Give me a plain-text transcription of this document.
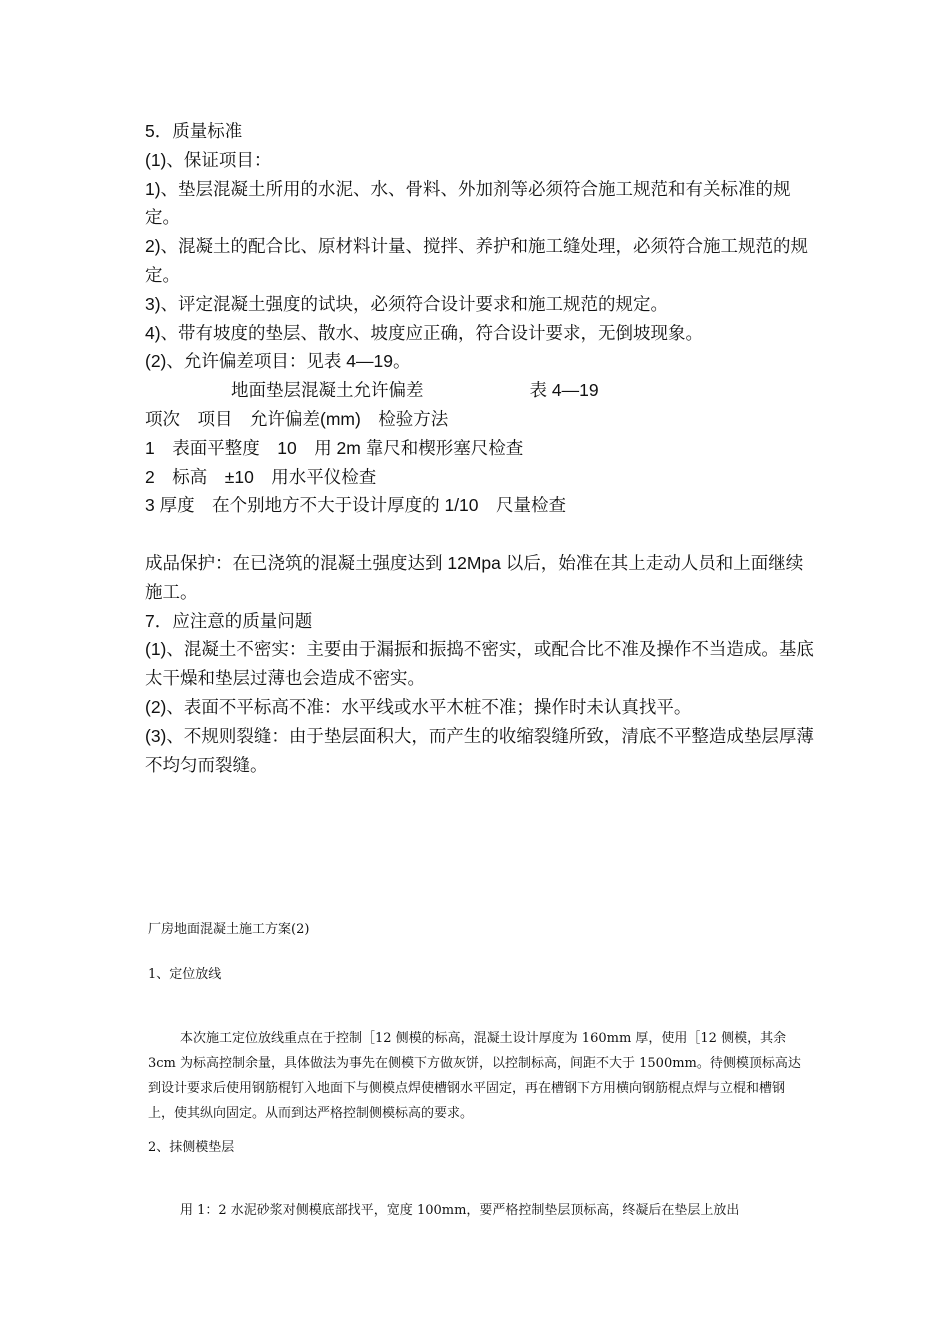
5．质量标准

(1)、保证项目：

1)、垫层混凝土所用的水泥、水、骨料、外加剂等必须符合施工规范和有关标准的规定。

2)、混凝土的配合比、原材料计量、搅拌、养护和施工缝处理，必须符合施工规范的规定。

3)、评定混凝土强度的试块，必须符合设计要求和施工规范的规定。

4)、带有坡度的垫层、散水、坡度应正确，符合设计要求，无倒坡现象。

(2)、允许偏差项目：见表 4—19。

地面垫层混凝土允许偏差	表 4—19

项次　项目　允许偏差(mm)　检验方法

1　表面平整度　10　用 2m 靠尺和楔形塞尺检查

2　标高　±10　用水平仪检查

3 厚度　在个别地方不大于设计厚度的 1/10　尺量检查

成品保护：在已浇筑的混凝土强度达到 12Mpa 以后，始准在其上走动人员和上面继续施工。

7．应注意的质量问题

(1)、混凝土不密实：主要由于漏振和振捣不密实，或配合比不准及操作不当造成。基底太干燥和垫层过薄也会造成不密实。

(2)、表面不平标高不准：水平线或水平木桩不准；操作时未认真找平。

(3)、不规则裂缝：由于垫层面积大，而产生的收缩裂缝所致，清底不平整造成垫层厚薄不均匀而裂缝。

厂房地面混凝土施工方案(2)

1、定位放线

本次施工定位放线重点在于控制［12 侧模的标高，混凝土设计厚度为 160mm 厚，使用［12 侧模，其余 3cm 为标高控制余量，具体做法为事先在侧模下方做灰饼，以控制标高，间距不大于 1500mm。待侧模顶标高达到设计要求后使用钢筋棍钉入地面下与侧模点焊使槽钢水平固定，再在槽钢下方用横向钢筋棍点焊与立棍和槽钢上，使其纵向固定。从而到达严格控制侧模标高的要求。

2、抹侧模垫层

用 1：2 水泥砂浆对侧模底部找平，宽度 100mm，要严格控制垫层顶标高，终凝后在垫层上放出
